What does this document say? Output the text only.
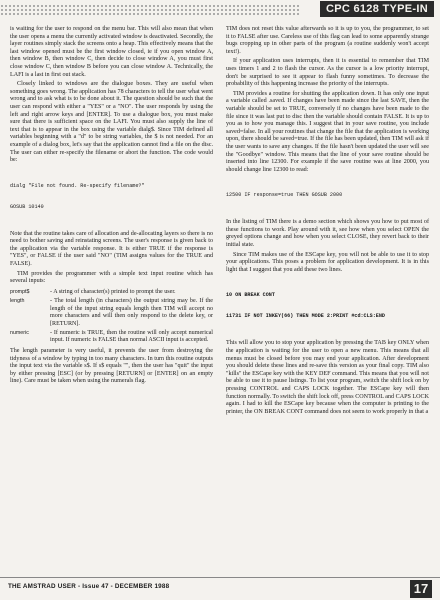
CPC 6128 TYPE-IN

is waiting for the user to respond on the menu bar. This will also mean that when the user opens a menu the currently activated window is deactivated. Secondly, the layer routines simply stack the screens onto a heap. This effectively means that the last window opened must be the first window closed, ie if you open window A, then window B, then window C, then decide to close window A, you must first close window C, then window B before you can close window A. Technically, the LAFI is a last in first out stack.

Closely linked to windows are the dialogue boxes. They are useful when something goes wrong. The application has 78 characters to tell the user what went wrong and to ask what is to be done about it. The question should be such that the user can respond with either a "YES" or a "NO". The user responds by using the left and right arrow keys and [ENTER]. To use a dialogue box, you must make sure that there is sufficient space on the LAFI. You must also supply the line of text that is to appear in the box using the variable dialg$. Since TIM defined all variables beginning with a "d" to be string variables, the $ is not needed. For an example of a dialog box, let's say that the application cannot find a file on the disc. The user can either re-specify the filename or abort the function. The code would be:

dialg "File not found. Re-specify filename?"

GOSUB 10140

Note that the routine takes care of allocation and de-allocating layers so there is no need to bother saving and reinstating screens. The user's response is given back to the application via the variable response. It is either TRUE if the response is "YES", or FALSE if the user said "NO" (TIM assigns values for the TRUE and FALSE).

TIM provides the programmer with a simple text input routine which has several inputs:

prompt$	- A string of character(s) printed to prompt the user.
length	- The total length (in characters) the output string may be. If the length of the input string equals length then TIM will accept no more characters and will then only respond to the delete key, or [RETURN].
numeric	- If numeric is TRUE, then the routine will only accept numerical input. If numeric is FALSE than normal ASCII input is accepted.

The length parameter is very useful, it prevents the user from destroying the tidyness of a window by typing in too many characters. In turn this routine outputs the input text via the variable s$. If s$ equals "", then the user has "quit" the input by either pressing [ESC] (or by pressing [RETURN] or [ENTER] on an empty line). Care must be taken when using the numerals flag.

TIM does not reset this value afterwards so it is up to you, the programmer, to set it to FALSE after use. Careless use of this flag can lead to some apparently strange bugs cropping up in other parts of the program (a routine suddenly won't accept text!).

If your application uses interrupts, then it is essential to remember that TIM uses timers 1 and 2 to flash the cursor. As the cursor is a low priority interrupt, don't be surprised to see it appear to flash funny sometimes. To decrease the probability of this happening increase the priority of the interrupts.

TIM provides a routine for shutting the application down. It has only one input a variable called .saved. If changes have been made since the last SAVE, then the variable should be set to TRUE, conversely if no changes have been made to the file since it was last put to disc then the variable should contain FALSE. It is up to you as to how you manage this. I suggest that in your save routine, you include saved=false. In all your routines that change the file that the application is working upon, there should be saved=true. If the file has been updated, then TIM will ask if the user wants to save any changes. If the file hasn't been updated the user will see the "Goodbye" window. This means that the line of your save routine should be inserted into line 12300. For example if the save routine was at line 2000, you should change line 12300 to read:

12500 IF response=true THEN GOSUB 2000

In the listing of TIM there is a demo section which shows you how to put most of these functions to work. Play around with it, see how when you select OPEN the greyed options change and how when you select CLOSE, they revert back to their initial state.

Since TIM makes use of the ESCape key, you will not be able to use it to stop your applications. This poses a problem for application development. It is in this light that I suggest that you add these two lines.

10 ON BREAK CONT

11731 IF NOT INKEY(66) THEN MODE 2:PRINT #cd:CLS:END

This will allow you to stop your application by pressing the TAB key ONLY when the application is waiting for the user to open a new menu. This means that all menus must be closed before you may end your application. After development you should delete these lines and re-save this version as your final copy. TIM also "kills" the ESCape key with the KEY DEF command. This means that you will not be able to use it to pause listings. To list your program, switch the shift lock on by pressing CONTROL and CAPS LOCK together. The ESCape key will then function normally. To switch the shift lock off, press CONTROL and CAPS LOCK again. I had to kill the ESCape key because when the computer is printing to the printer, the ON BREAK CONT command does not seem to work properly in that a

THE AMSTRAD USER - Issue 47 - DECEMBER 1988	17
